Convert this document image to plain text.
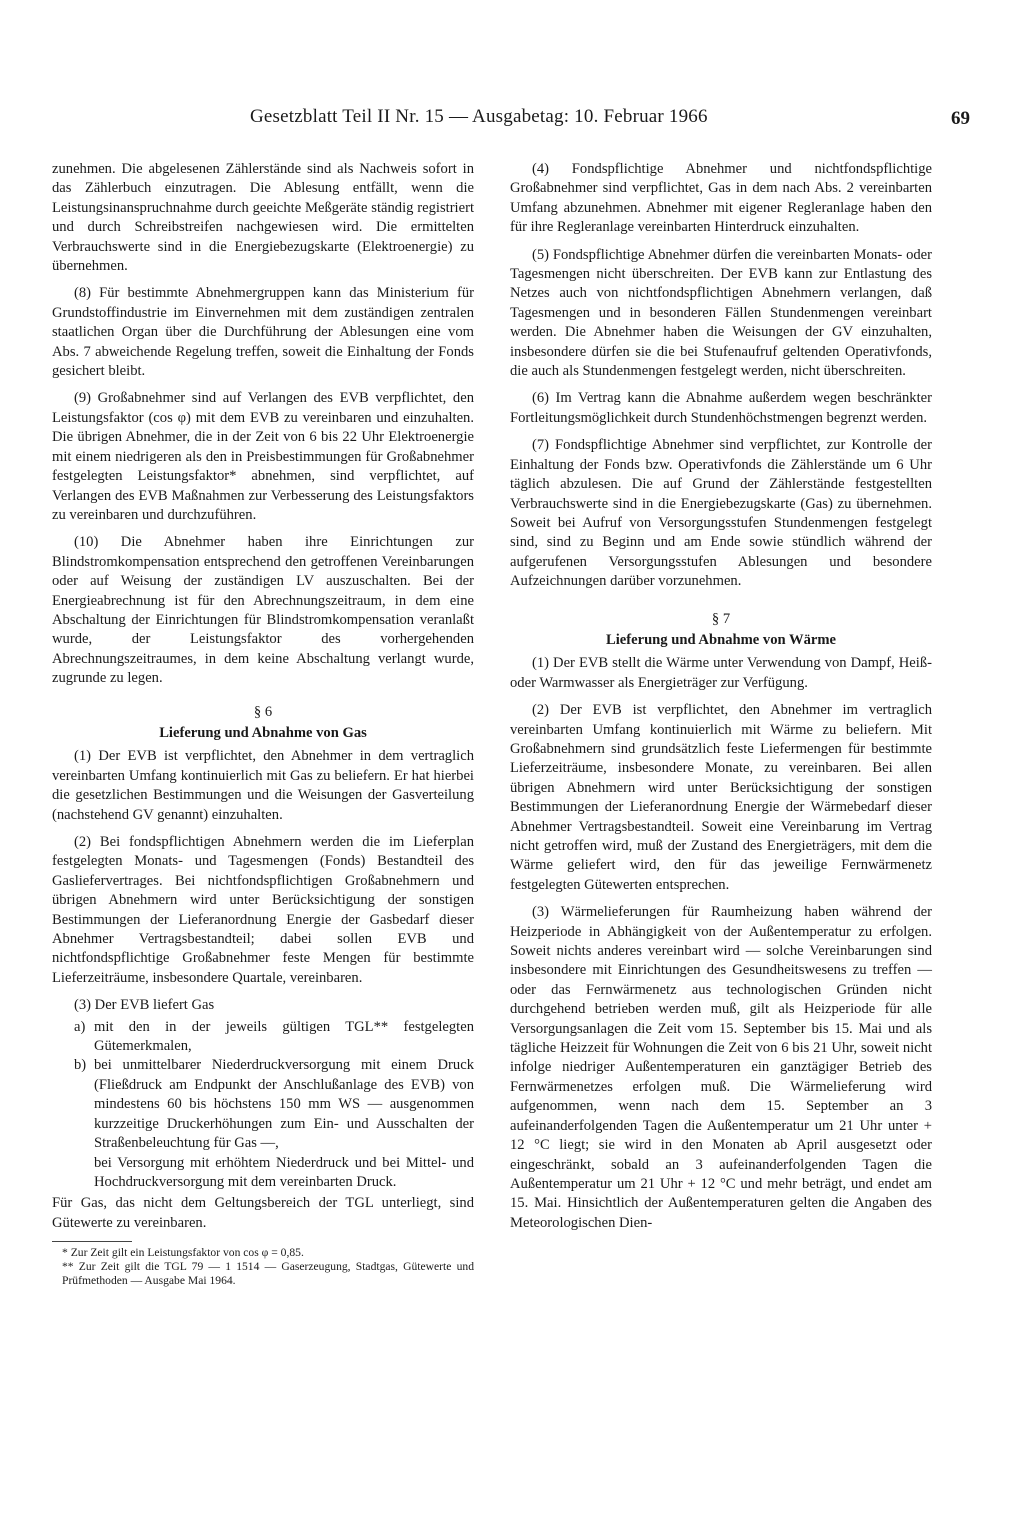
Gesetzblatt Teil II Nr. 15 — Ausgabetag: 10. Februar 1966	69

zunehmen. Die abgelesenen Zählerstände sind als Nachweis sofort in das Zählerbuch einzutragen. Die Ablesung entfällt, wenn die Leistungsinanspruchnahme durch geeichte Meßgeräte ständig registriert und durch Schreibstreifen nachgewiesen wird. Die ermittelten Verbrauchswerte sind in die Energiebezugskarte (Elektroenergie) zu übernehmen.

(8) Für bestimmte Abnehmergruppen kann das Ministerium für Grundstoffindustrie im Einvernehmen mit dem zuständigen zentralen staatlichen Organ über die Durchführung der Ablesungen eine vom Abs. 7 abweichende Regelung treffen, soweit die Einhaltung der Fonds gesichert bleibt.

(9) Großabnehmer sind auf Verlangen des EVB verpflichtet, den Leistungsfaktor (cos φ) mit dem EVB zu vereinbaren und einzuhalten. Die übrigen Abnehmer, die in der Zeit von 6 bis 22 Uhr Elektroenergie mit einem niedrigeren als den in Preisbestimmungen für Großabnehmer festgelegten Leistungsfaktor* abnehmen, sind verpflichtet, auf Verlangen des EVB Maßnahmen zur Verbesserung des Leistungsfaktors zu vereinbaren und durchzuführen.

(10) Die Abnehmer haben ihre Einrichtungen zur Blindstromkompensation entsprechend den getroffenen Vereinbarungen oder auf Weisung der zuständigen LV auszuschalten. Bei der Energieabrechnung ist für den Abrechnungszeitraum, in dem eine Abschaltung der Einrichtungen für Blindstromkompensation veranlaßt wurde, der Leistungsfaktor des vorhergehenden Abrechnungszeitraumes, in dem keine Abschaltung verlangt wurde, zugrunde zu legen.

§ 6
Lieferung und Abnahme von Gas

(1) Der EVB ist verpflichtet, den Abnehmer in dem vertraglich vereinbarten Umfang kontinuierlich mit Gas zu beliefern. Er hat hierbei die gesetzlichen Bestimmungen und die Weisungen der Gasverteilung (nachstehend GV genannt) einzuhalten.

(2) Bei fondspflichtigen Abnehmern werden die im Lieferplan festgelegten Monats- und Tagesmengen (Fonds) Bestandteil des Gasliefervertrages. Bei nichtfondspflichtigen Großabnehmern und übrigen Abnehmern wird unter Berücksichtigung der sonstigen Bestimmungen der Lieferanordnung Energie der Gasbedarf dieser Abnehmer Vertragsbestandteil; dabei sollen EVB und nichtfondspflichtige Großabnehmer feste Mengen für bestimmte Lieferzeiträume, insbesondere Quartale, vereinbaren.

(3) Der EVB liefert Gas

a) mit den in der jeweils gültigen TGL** festgelegten Gütemerkmalen,
b) bei unmittelbarer Niederdruckversorgung mit einem Druck (Fließdruck am Endpunkt der Anschlußanlage des EVB) von mindestens 60 bis höchstens 150 mm WS — ausgenommen kurzzeitige Druckerhöhungen zum Ein- und Ausschalten der Straßenbeleuchtung für Gas —,
bei Versorgung mit erhöhtem Niederdruck und bei Mittel- und Hochdruckversorgung mit dem vereinbarten Druck.

Für Gas, das nicht dem Geltungsbereich der TGL unterliegt, sind Gütewerte zu vereinbaren.

* Zur Zeit gilt ein Leistungsfaktor von cos φ = 0,85.
** Zur Zeit gilt die TGL 79 — 1 1514 — Gaserzeugung, Stadtgas, Gütewerte und Prüfmethoden — Ausgabe Mai 1964.

(4) Fondspflichtige Abnehmer und nichtfondspflichtige Großabnehmer sind verpflichtet, Gas in dem nach Abs. 2 vereinbarten Umfang abzunehmen. Abnehmer mit eigener Regleranlage haben den für ihre Regleranlage vereinbarten Hinterdruck einzuhalten.

(5) Fondspflichtige Abnehmer dürfen die vereinbarten Monats- oder Tagesmengen nicht überschreiten. Der EVB kann zur Entlastung des Netzes auch von nichtfondspflichtigen Abnehmern verlangen, daß Tagesmengen und in besonderen Fällen Stundenmengen vereinbart werden. Die Abnehmer haben die Weisungen der GV einzuhalten, insbesondere dürfen sie die bei Stufenaufruf geltenden Operativfonds, die auch als Stundenmengen festgelegt werden, nicht überschreiten.

(6) Im Vertrag kann die Abnahme außerdem wegen beschränkter Fortleitungsmöglichkeit durch Stundenhöchstmengen begrenzt werden.

(7) Fondspflichtige Abnehmer sind verpflichtet, zur Kontrolle der Einhaltung der Fonds bzw. Operativfonds die Zählerstände um 6 Uhr täglich abzulesen. Die auf Grund der Zählerstände festgestellten Verbrauchswerte sind in die Energiebezugskarte (Gas) zu übernehmen. Soweit bei Aufruf von Versorgungsstufen Stundenmengen festgelegt sind, sind zu Beginn und am Ende sowie stündlich während der aufgerufenen Versorgungsstufen Ablesungen und besondere Aufzeichnungen darüber vorzunehmen.

§ 7
Lieferung und Abnahme von Wärme

(1) Der EVB stellt die Wärme unter Verwendung von Dampf, Heiß- oder Warmwasser als Energieträger zur Verfügung.

(2) Der EVB ist verpflichtet, den Abnehmer im vertraglich vereinbarten Umfang kontinuierlich mit Wärme zu beliefern. Mit Großabnehmern sind grundsätzlich feste Liefermengen für bestimmte Lieferzeiträume, insbesondere Monate, zu vereinbaren. Bei allen übrigen Abnehmern wird unter Berücksichtigung der sonstigen Bestimmungen der Lieferanordnung Energie der Wärmebedarf dieser Abnehmer Vertragsbestandteil. Soweit eine Vereinbarung im Vertrag nicht getroffen wird, muß der Zustand des Energieträgers, mit dem die Wärme geliefert wird, den für das jeweilige Fernwärmenetz festgelegten Gütewerten entsprechen.

(3) Wärmelieferungen für Raumheizung haben während der Heizperiode in Abhängigkeit von der Außentemperatur zu erfolgen. Soweit nichts anderes vereinbart wird — solche Vereinbarungen sind insbesondere mit Einrichtungen des Gesundheitswesens zu treffen — oder das Fernwärmenetz aus technologischen Gründen nicht durchgehend betrieben werden muß, gilt als Heizperiode für alle Versorgungsanlagen die Zeit vom 15. September bis 15. Mai und als tägliche Heizzeit für Wohnungen die Zeit von 6 bis 21 Uhr, soweit nicht infolge niedriger Außentemperaturen ein ganztägiger Betrieb des Fernwärmenetzes erfolgen muß. Die Wärmelieferung wird aufgenommen, wenn nach dem 15. September an 3 aufeinanderfolgenden Tagen die Außentemperatur um 21 Uhr unter + 12 °C liegt; sie wird in den Monaten ab April ausgesetzt oder eingeschränkt, sobald an 3 aufeinanderfolgenden Tagen die Außentemperatur um 21 Uhr + 12 °C und mehr beträgt, und endet am 15. Mai. Hinsichtlich der Außentemperaturen gelten die Angaben des Meteorologischen Dien-
